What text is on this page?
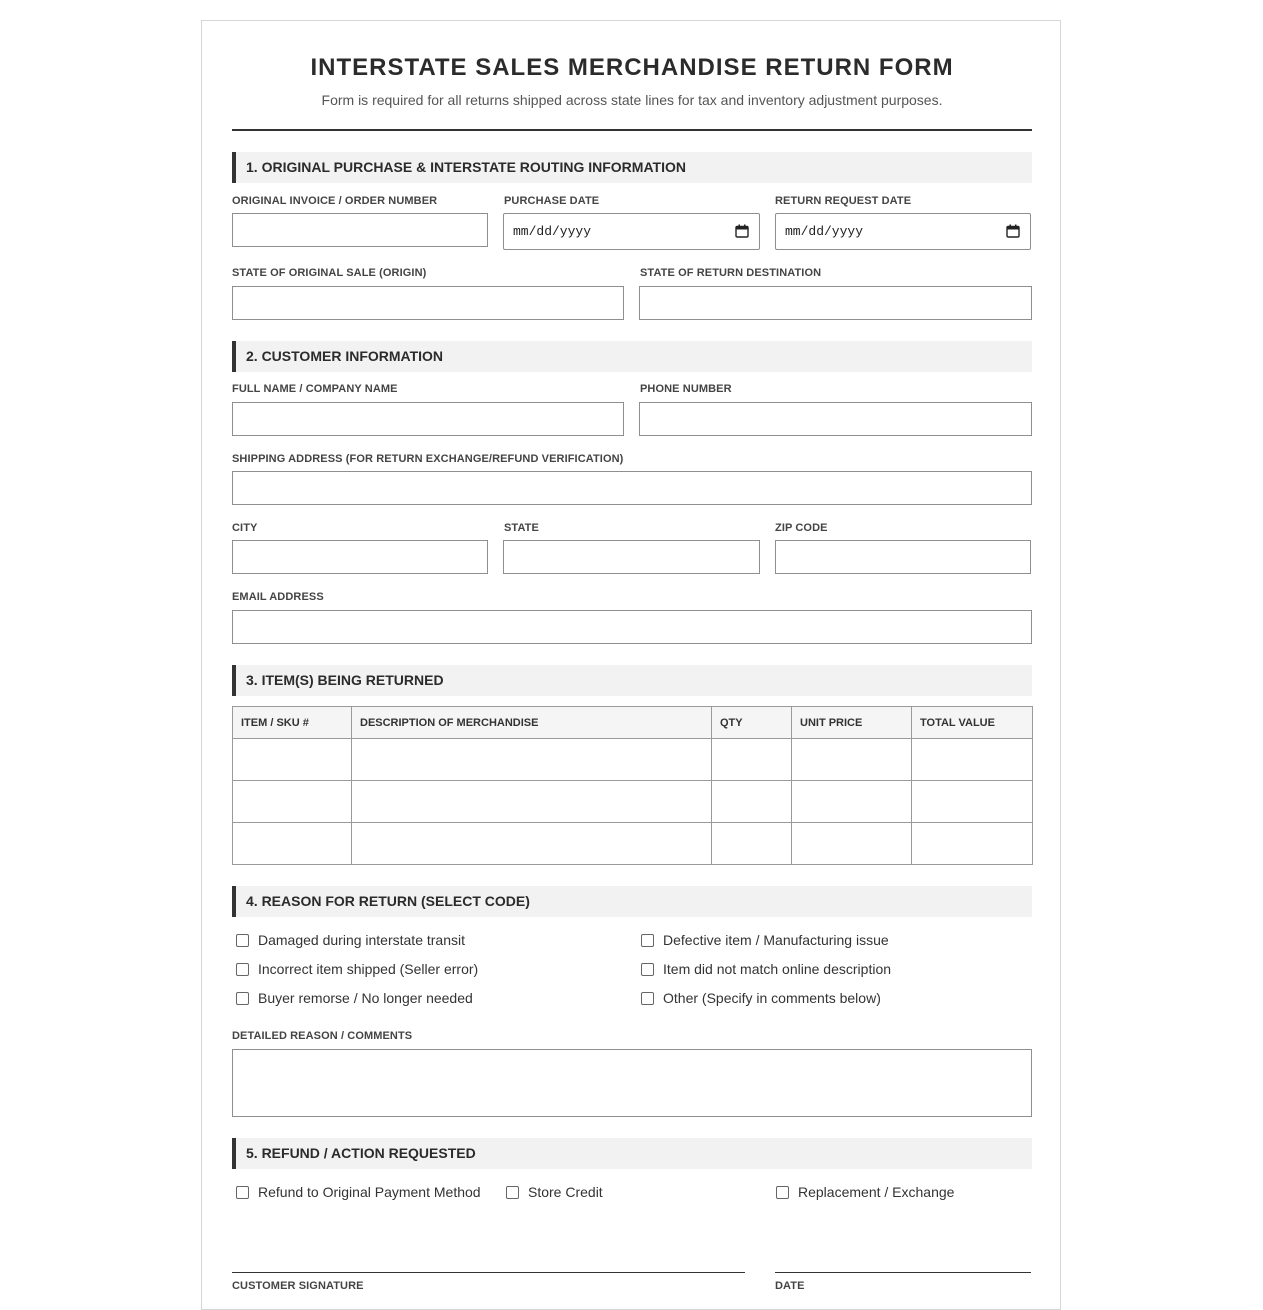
INTERSTATE SALES MERCHANDISE RETURN FORM
Form is required for all returns shipped across state lines for tax and inventory adjustment purposes.
1. ORIGINAL PURCHASE & INTERSTATE ROUTING INFORMATION
ORIGINAL INVOICE / ORDER NUMBER	PURCHASE DATE
mm/dd/yyyy
RETURN REQUEST DATE
mm/dd/yyyy
STATE OF ORIGINAL SALE (ORIGIN)	STATE OF RETURN DESTINATION
2. CUSTOMER INFORMATION
FULL NAME / COMPANY NAME	PHONE NUMBER
SHIPPING ADDRESS (FOR RETURN EXCHANGE/REFUND VERIFICATION)
CITY	STATE	ZIP CODE
EMAIL ADDRESS
3. ITEM(S) BEING RETURNED
ITEM / SKU #	DESCRIPTION OF MERCHANDISE	QTY	UNIT PRICE	TOTAL VALUE

4. REASON FOR RETURN (SELECT CODE)
Damaged during interstate transit	Defective item / Manufacturing issue
Incorrect item shipped (Seller error)	Item did not match online description
Buyer remorse / No longer needed	Other (Specify in comments below)
DETAILED REASON / COMMENTS
5. REFUND / ACTION REQUESTED
Refund to Original Payment Method	Store Credit	Replacement / Exchange
CUSTOMER SIGNATURE	DATE
